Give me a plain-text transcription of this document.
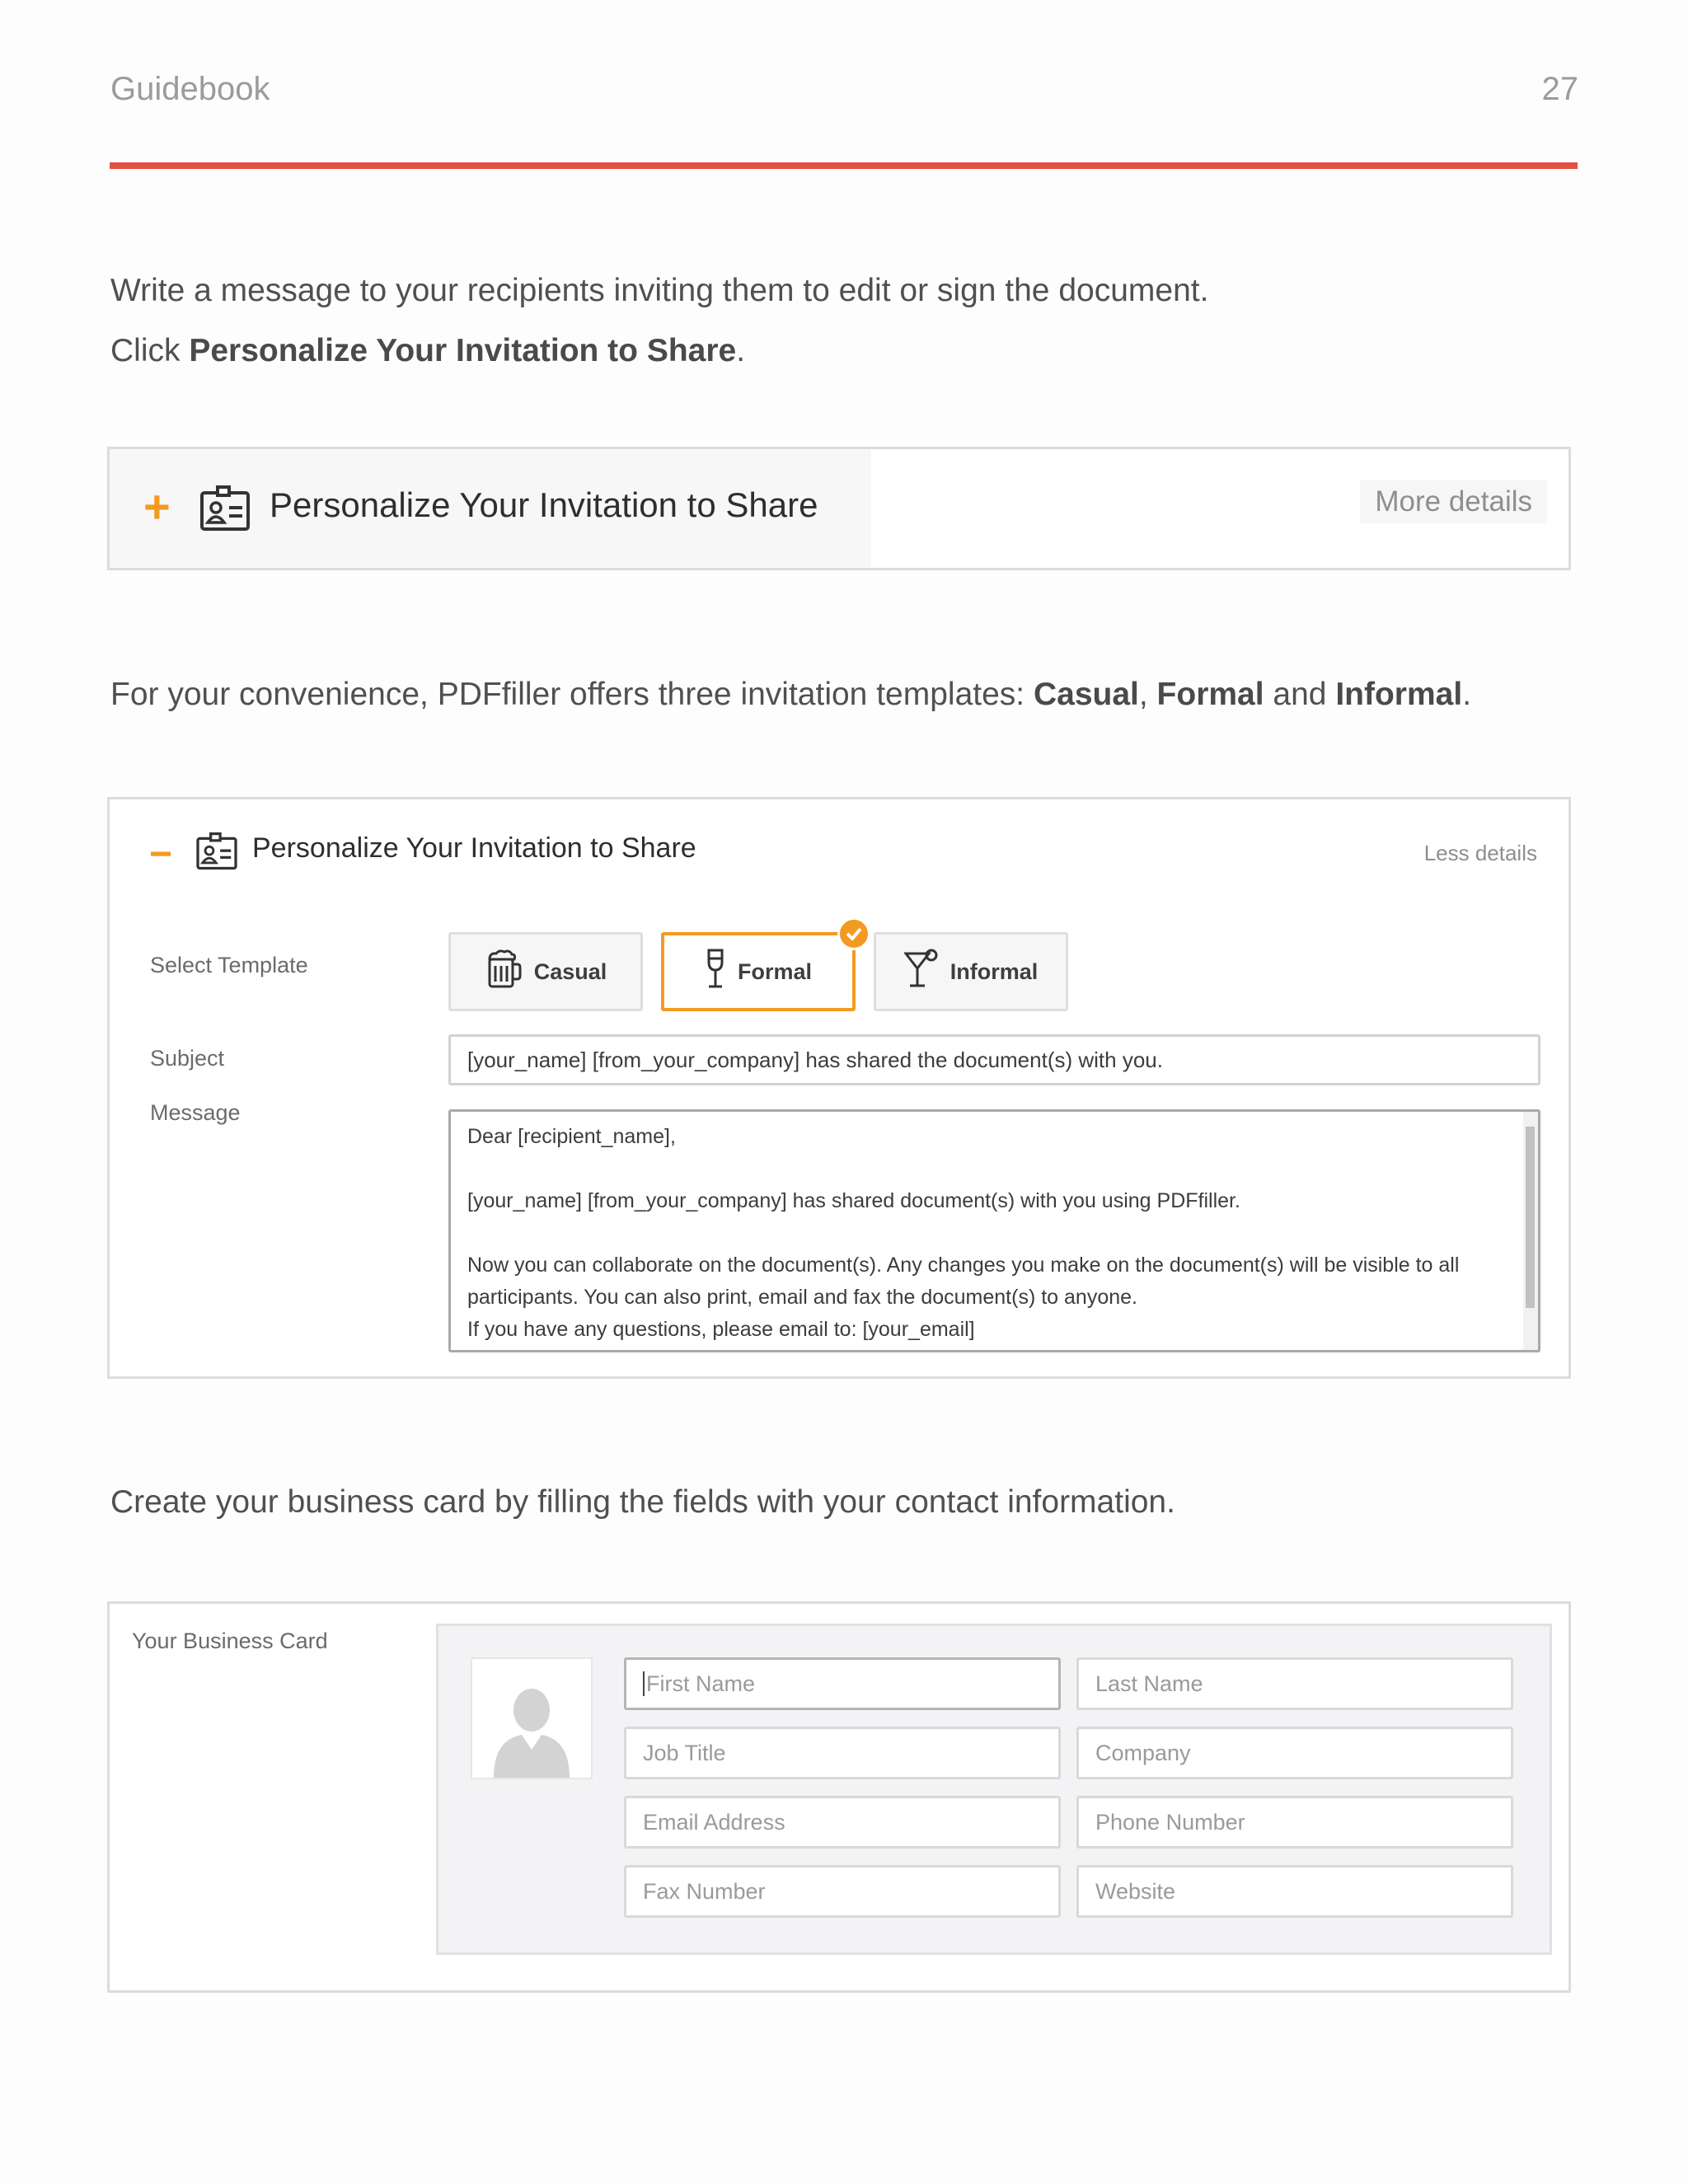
Guidebook	27
Write a message to your recipients inviting them to edit or sign the document.
Click Personalize Your Invitation to Share.
+	Personalize Your Invitation to Share	More details
For your convenience, PDFfiller offers three invitation templates: Casual, Formal and Informal.
−	Personalize Your Invitation to Share	Less details
Select Template	Casual	Formal	Informal
Subject	[your_name] [from_your_company] has shared the document(s) with you.
Message

Dear [recipient_name],

[your_name] [from_your_company] has shared document(s) with you using PDFfiller.

Now you can collaborate on the document(s). Any changes you make on the document(s) will be visible to all

participants. You can also print, email and fax the document(s) to anyone.

If you have any questions, please email to: [your_email]

Create your business card by filling the fields with your contact information.
Your Business Card
First Name	Last Name
Job Title	Company
Email Address	Phone Number
Fax Number	Website
